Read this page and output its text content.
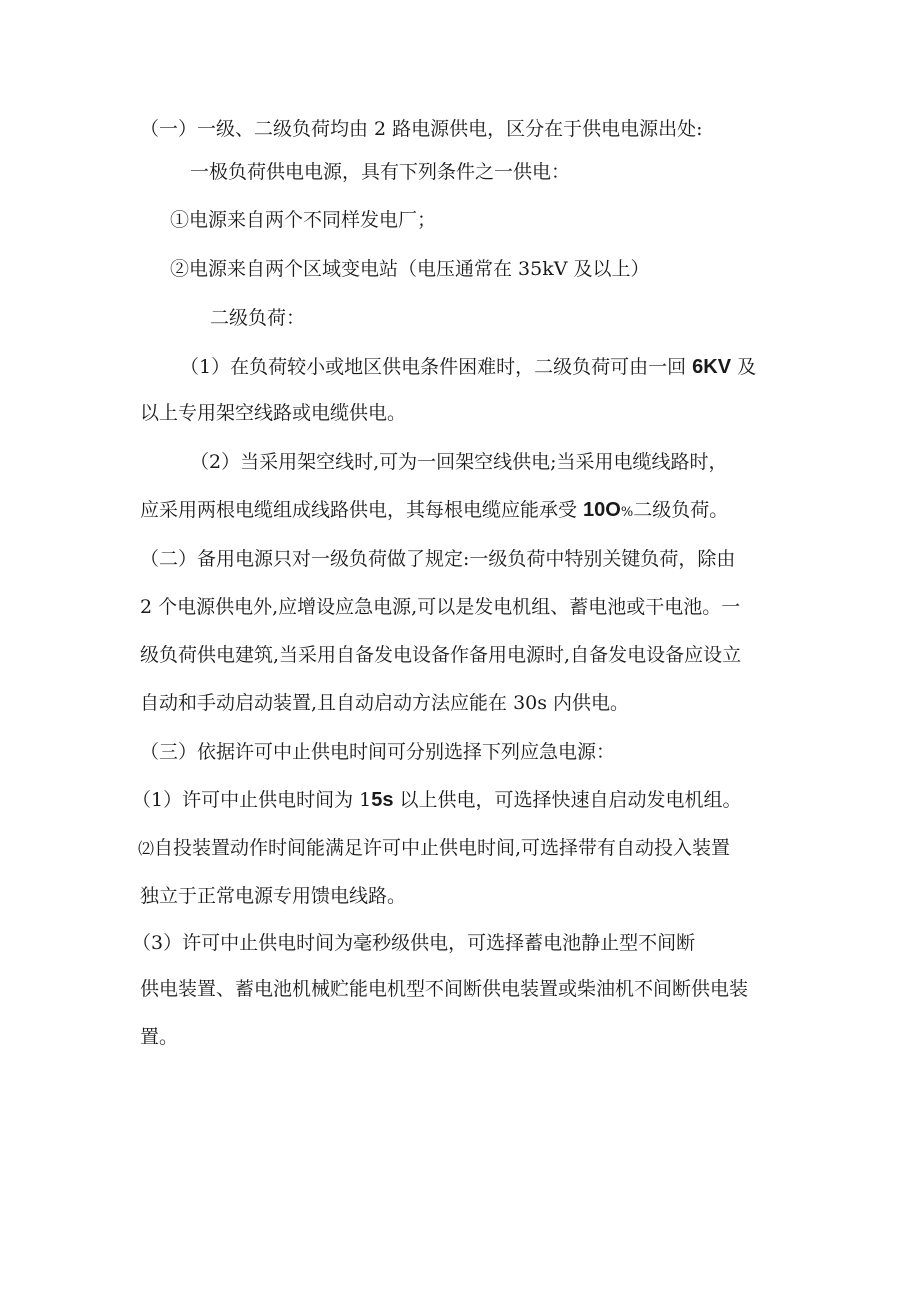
（一）一级、二级负荷均由 2 路电源供电，区分在于供电电源出处:
一极负荷供电电源，具有下列条件之一供电：
①电源来自两个不同样发电厂；
②电源来自两个区域变电站（电压通常在 35kV 及以上）
二级负荷：
（1）在负荷较小或地区供电条件困难时，二级负荷可由一回 6KV 及
以上专用架空线路或电缆供电。
（2）当采用架空线时,可为一回架空线供电;当采用电缆线路时，
应采用两根电缆组成线路供电，其每根电缆应能承受 10O%二级负荷。
（二）备用电源只对一级负荷做了规定:一级负荷中特别关键负荷，除由
2 个电源供电外,应增设应急电源,可以是发电机组、蓄电池或干电池。一
级负荷供电建筑,当采用自备发电设备作备用电源时,自备发电设备应设立
自动和手动启动装置,且自动启动方法应能在 30s 内供电。
（三）依据许可中止供电时间可分别选择下列应急电源：
（1）许可中止供电时间为 15s 以上供电，可选择快速自启动发电机组。
⑵自投装置动作时间能满足许可中止供电时间,可选择带有自动投入装置
独立于正常电源专用馈电线路。
（3）许可中止供电时间为毫秒级供电，可选择蓄电池静止型不间断
供电装置、蓄电池机械贮能电机型不间断供电装置或柴油机不间断供电装
置。
